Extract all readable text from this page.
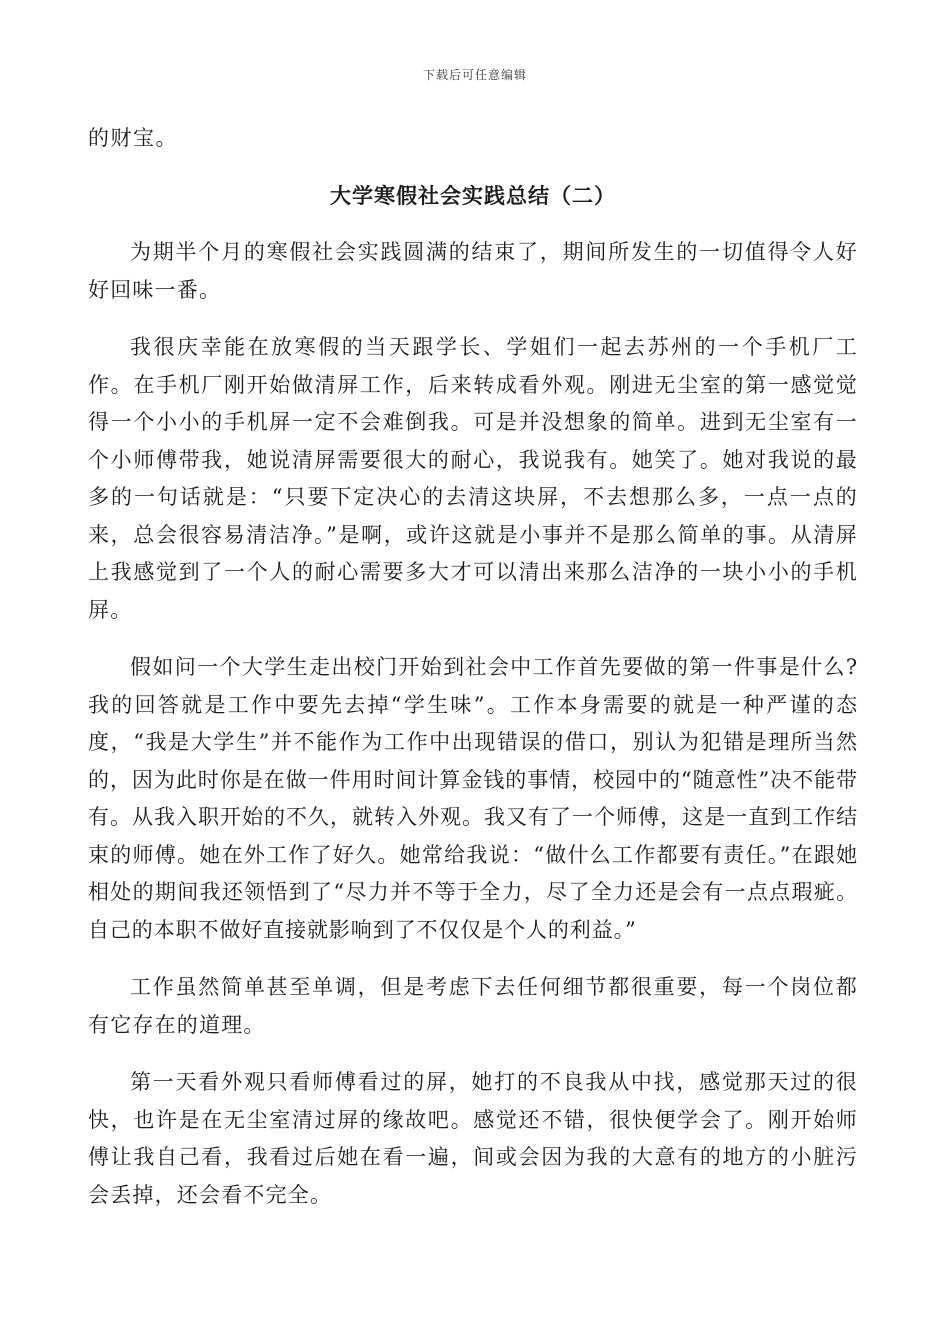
下载后可任意编辑
的财宝。
大学寒假社会实践总结（二）

为期半个月的寒假社会实践圆满的结束了，期间所发生的一切值得令人好好回味一番。

我很庆幸能在放寒假的当天跟学长、学姐们一起去苏州的一个手机厂工作。在手机厂刚开始做清屏工作，后来转成看外观。刚进无尘室的第一感觉觉得一个小小的手机屏一定不会难倒我。可是并没想象的简单。进到无尘室有一个小师傅带我，她说清屏需要很大的耐心，我说我有。她笑了。她对我说的最多的一句话就是：“只要下定决心的去清这块屏，不去想那么多，一点一点的来，总会很容易清洁净。”是啊，或许这就是小事并不是那么简单的事。从清屏上我感觉到了一个人的耐心需要多大才可以清出来那么洁净的一块小小的手机屏。

假如问一个大学生走出校门开始到社会中工作首先要做的第一件事是什么?我的回答就是工作中要先去掉“学生味”。工作本身需要的就是一种严谨的态度，“我是大学生”并不能作为工作中出现错误的借口，别认为犯错是理所当然的，因为此时你是在做一件用时间计算金钱的事情，校园中的“随意性”决不能带有。从我入职开始的不久，就转入外观。我又有了一个师傅，这是一直到工作结束的师傅。她在外工作了好久。她常给我说：“做什么工作都要有责任。”在跟她相处的期间我还领悟到了“尽力并不等于全力，尽了全力还是会有一点点瑕疵。自己的本职不做好直接就影响到了不仅仅是个人的利益。”

工作虽然简单甚至单调，但是考虑下去任何细节都很重要，每一个岗位都有它存在的道理。

第一天看外观只看师傅看过的屏，她打的不良我从中找，感觉那天过的很快，也许是在无尘室清过屏的缘故吧。感觉还不错，很快便学会了。刚开始师傅让我自己看，我看过后她在看一遍，间或会因为我的大意有的地方的小脏污会丢掉，还会看不完全。
